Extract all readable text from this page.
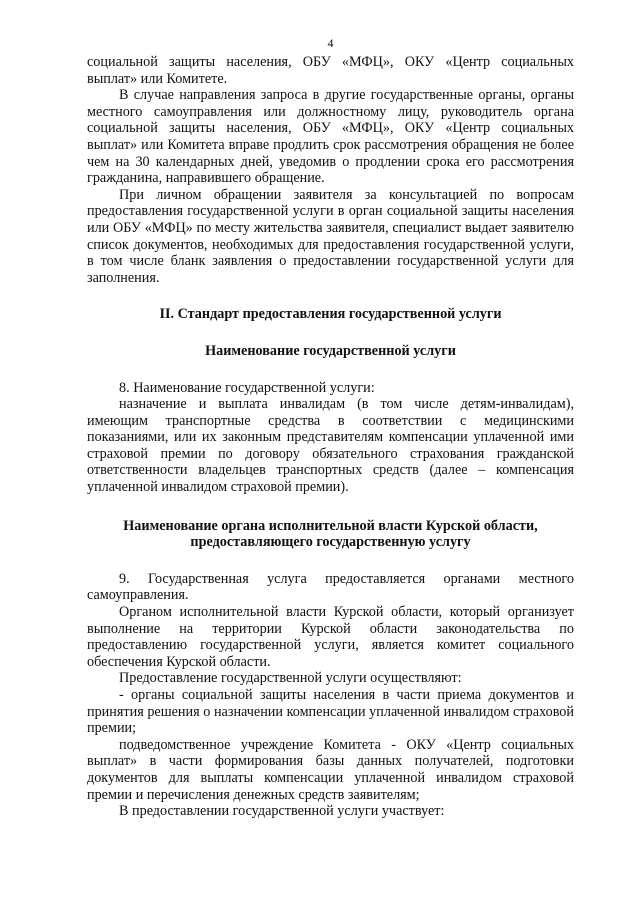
4

социальной защиты населения, ОБУ «МФЦ», ОКУ «Центр социальных выплат» или Комитете.

В случае направления запроса в другие государственные органы, органы местного самоуправления или должностному лицу, руководитель органа социальной защиты населения, ОБУ «МФЦ», ОКУ «Центр социальных выплат» или Комитета вправе продлить срок рассмотрения обращения не более чем на 30 календарных дней, уведомив о продлении срока его рассмотрения гражданина, направившего обращение.

При личном обращении заявителя за консультацией по вопросам предоставления государственной услуги в орган социальной защиты населения или ОБУ «МФЦ» по месту жительства заявителя, специалист выдает заявителю список документов, необходимых для предоставления государственной услуги, в том числе бланк заявления о предоставлении государственной услуги для заполнения.

II. Стандарт предоставления государственной услуги
Наименование государственной услуги

8. Наименование государственной услуги:

назначение и выплата инвалидам (в том числе детям-инвалидам), имеющим транспортные средства в соответствии с медицинскими показаниями, или их законным представителям компенсации уплаченной ими страховой премии по договору обязательного страхования гражданской ответственности владельцев транспортных средств (далее – компенсация уплаченной инвалидом страховой премии).

Наименование органа исполнительной власти Курской области, предоставляющего государственную услугу

9. Государственная услуга предоставляется органами местного самоуправления.

Органом исполнительной власти Курской области, который организует выполнение на территории Курской области законодательства по предоставлению государственной услуги, является комитет социального обеспечения Курской области.

Предоставление государственной услуги осуществляют:

- органы социальной защиты населения в части приема документов и принятия решения о назначении компенсации уплаченной инвалидом страховой премии;

подведомственное учреждение Комитета - ОКУ «Центр социальных выплат» в части формирования базы данных получателей, подготовки документов для выплаты компенсации уплаченной инвалидом страховой премии и перечисления денежных средств заявителям;

В предоставлении государственной услуги участвует:
